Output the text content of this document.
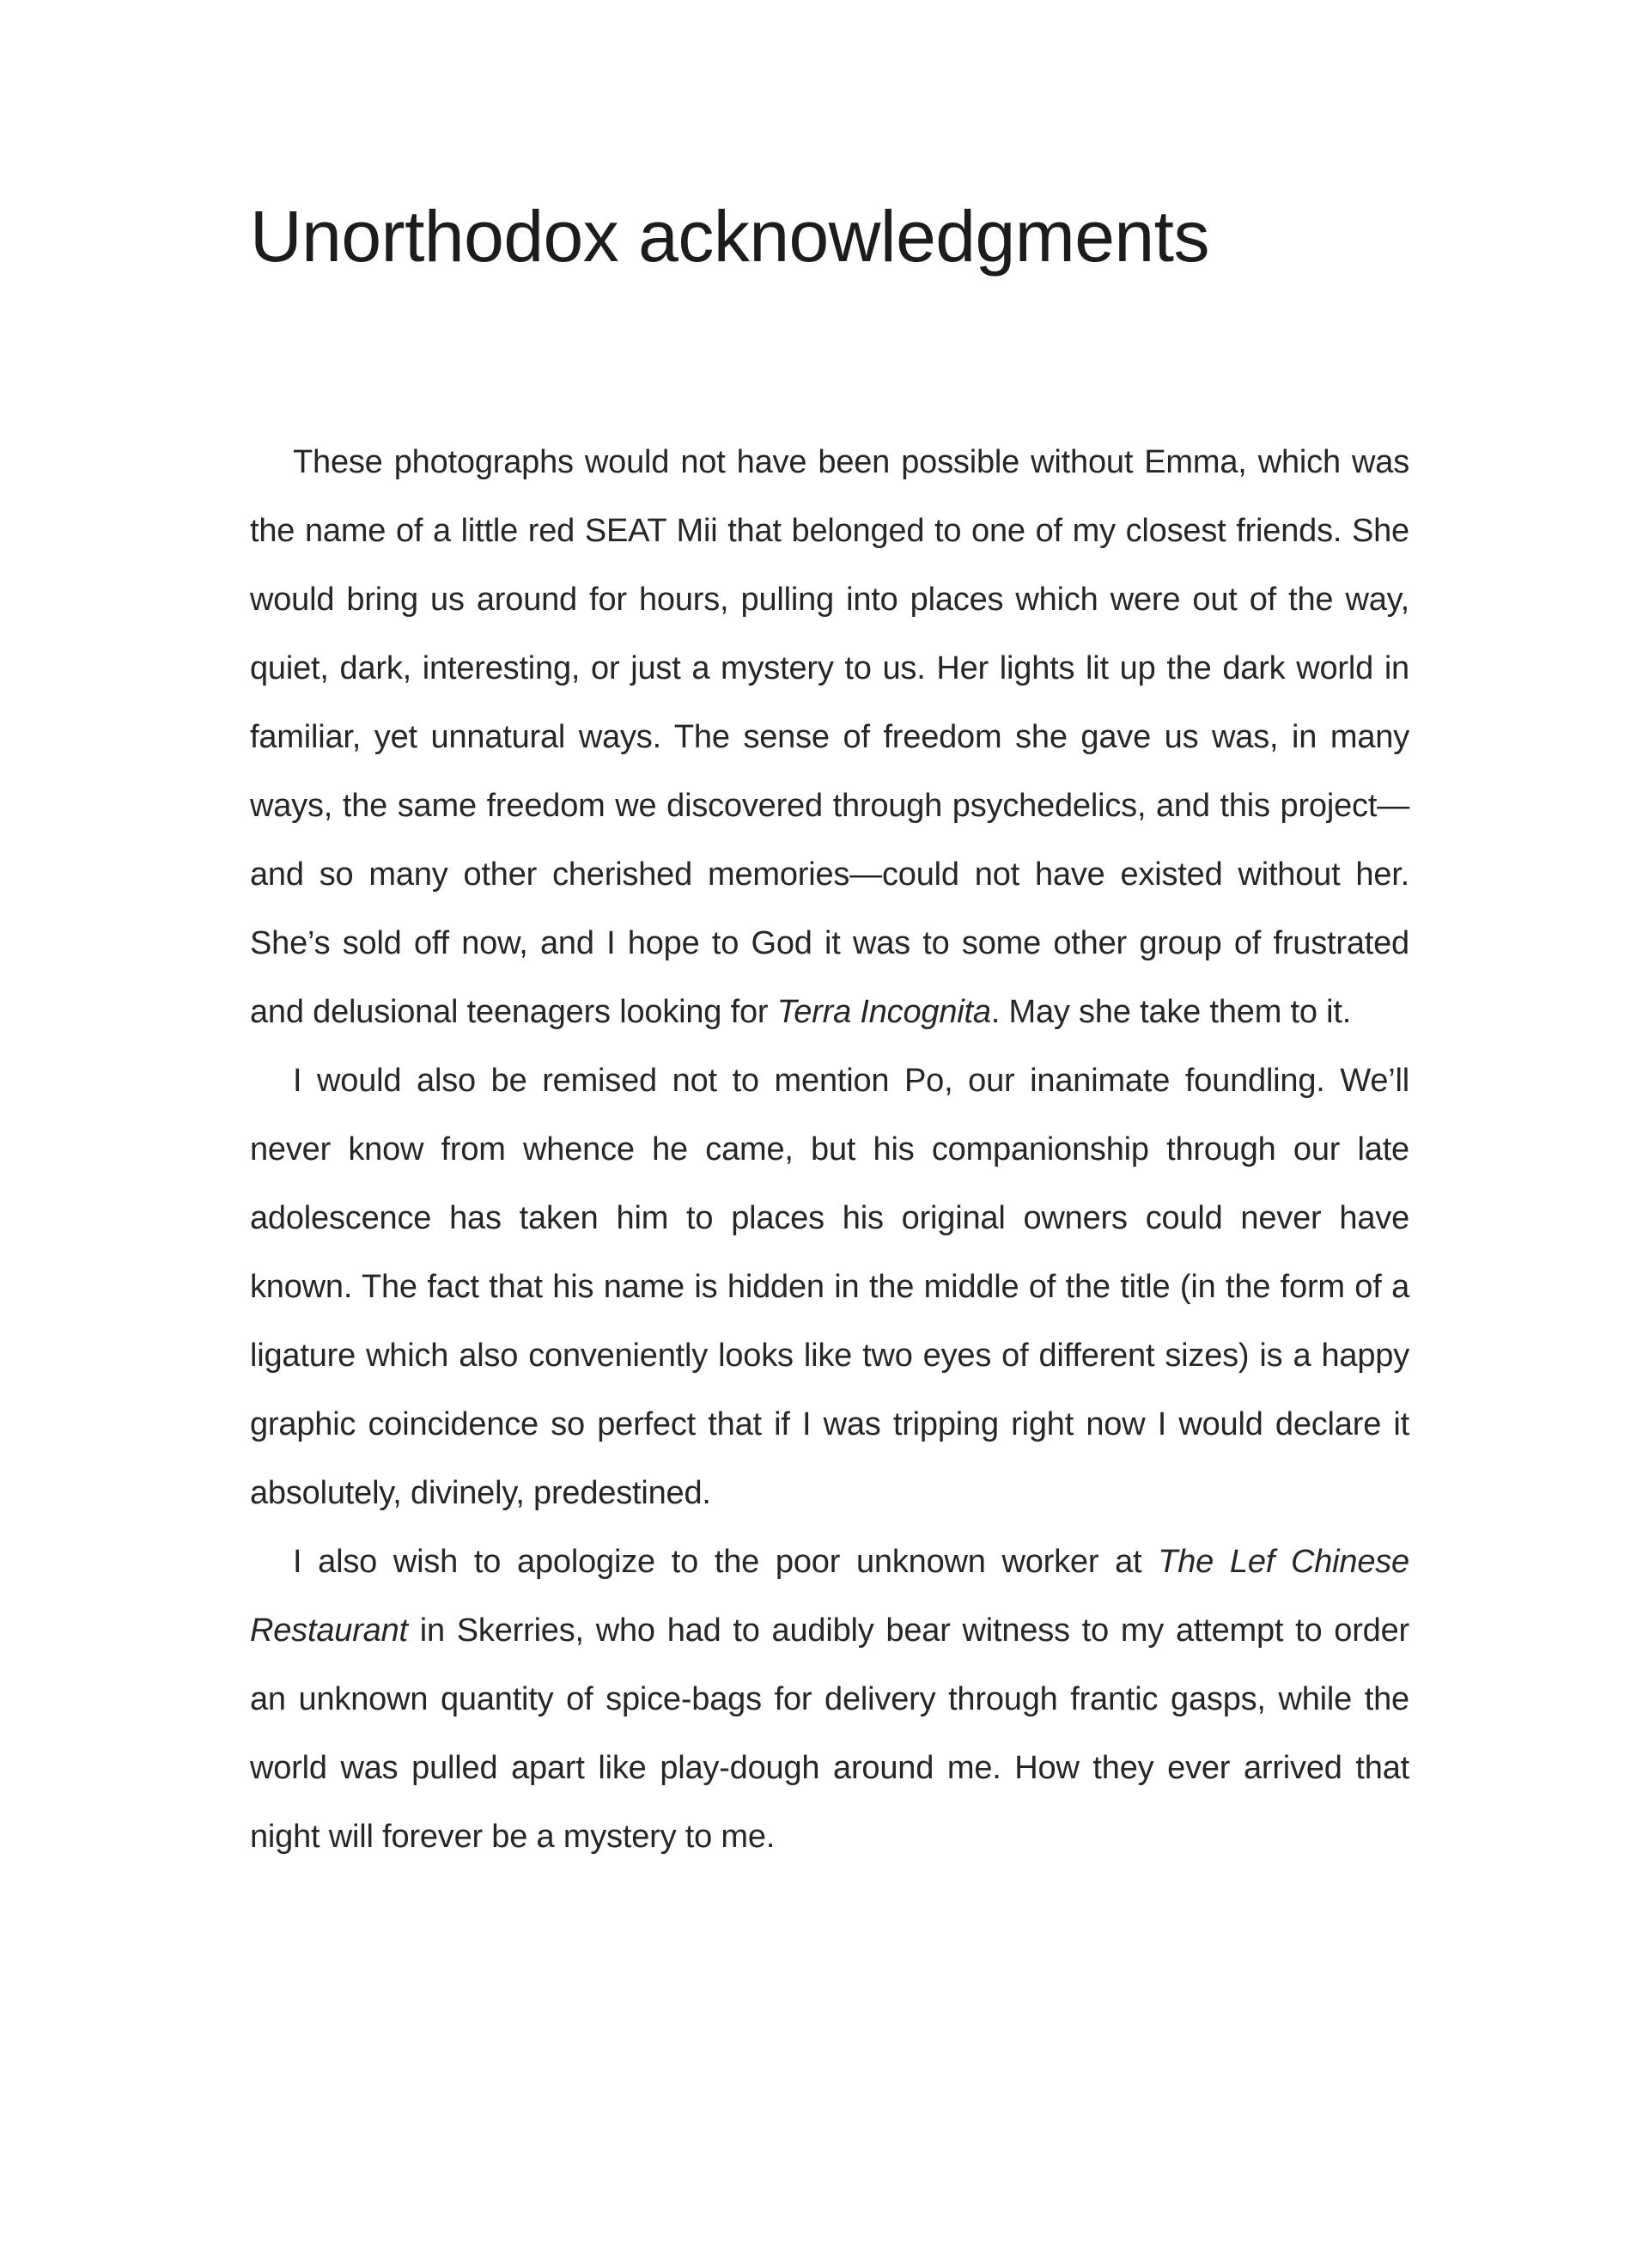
Unorthodox acknowledgments

These photographs would not have been possible without Emma, which was the name of a little red SEAT Mii that belonged to one of my closest friends. She would bring us around for hours, pulling into places which were out of the way, quiet, dark, interesting, or just a mystery to us. Her lights lit up the dark world in familiar, yet unnatural ways. The sense of freedom she gave us was, in many ways, the same freedom we discovered through psychedelics, and this project—and so many other cherished memories—could not have existed without her. She’s sold off now, and I hope to God it was to some other group of frustrated and delusional teenagers looking for Terra Incognita. May she take them to it.

I would also be remised not to mention Po, our inanimate foundling. We’ll never know from whence he came, but his companionship through our late adolescence has taken him to places his original owners could never have known. The fact that his name is hidden in the middle of the title (in the form of a ligature which also conveniently looks like two eyes of different sizes) is a happy graphic coincidence so perfect that if I was tripping right now I would declare it absolutely, divinely, predestined.

I also wish to apologize to the poor unknown worker at The Lef Chinese Restaurant in Skerries, who had to audibly bear witness to my attempt to order an unknown quantity of spice-bags for delivery through frantic gasps, while the world was pulled apart like play-dough around me. How they ever arrived that night will forever be a mystery to me.
